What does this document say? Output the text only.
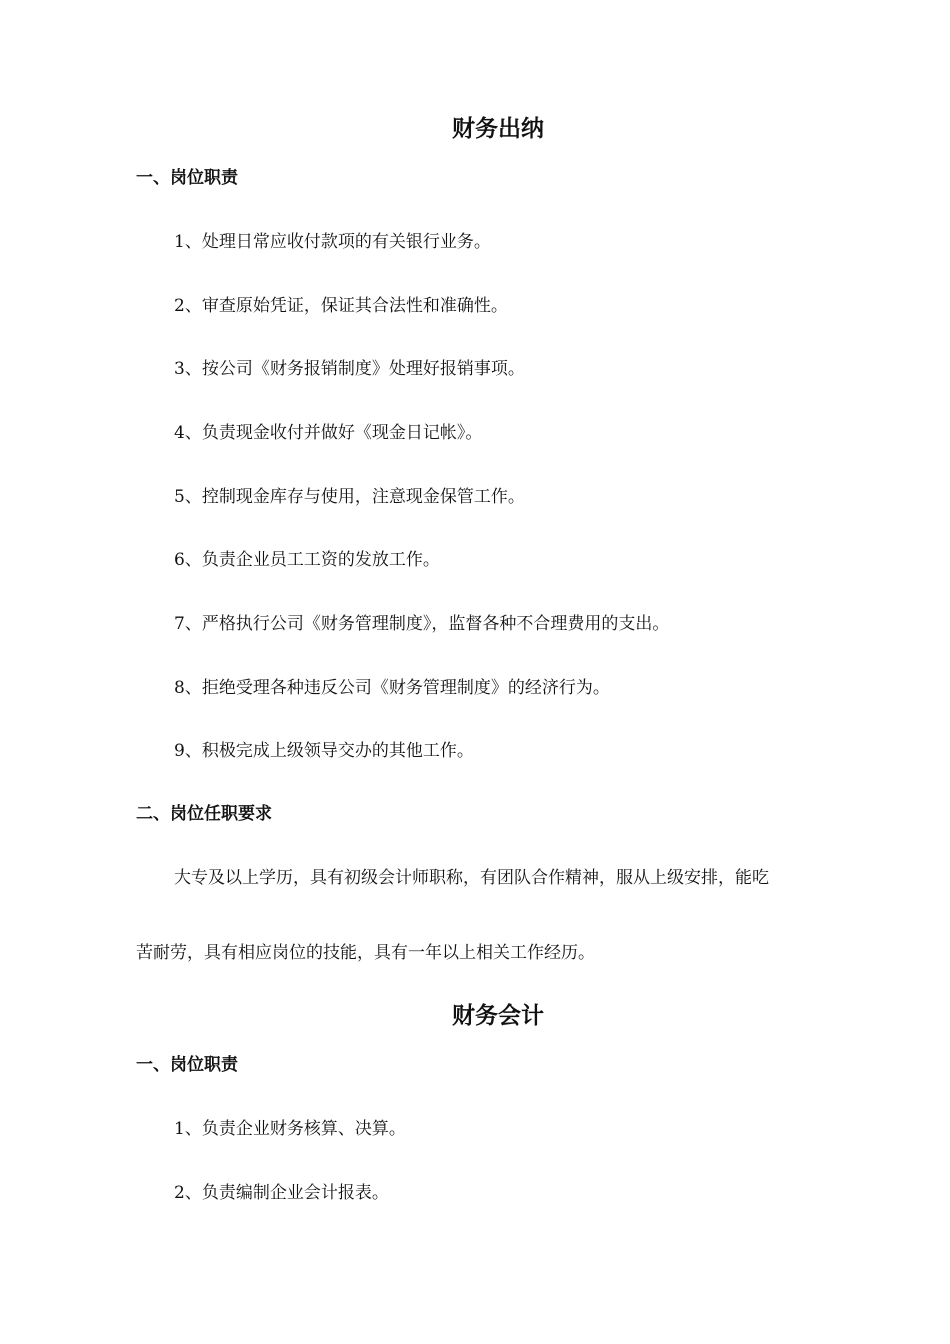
财务出纳
一、岗位职责

1、处理日常应收付款项的有关银行业务。

2、审查原始凭证，保证其合法性和准确性。

3、按公司《财务报销制度》处理好报销事项。

4、负责现金收付并做好《现金日记帐》。

5、控制现金库存与使用，注意现金保管工作。

6、负责企业员工工资的发放工作。

7、严格执行公司《财务管理制度》，监督各种不合理费用的支出。

8、拒绝受理各种违反公司《财务管理制度》的经济行为。

9、积极完成上级领导交办的其他工作。

二、岗位任职要求

大专及以上学历，具有初级会计师职称，有团队合作精神，服从上级安排，能吃

苦耐劳，具有相应岗位的技能，具有一年以上相关工作经历。

财务会计
一、岗位职责

1、负责企业财务核算、决算。

2、负责编制企业会计报表。
